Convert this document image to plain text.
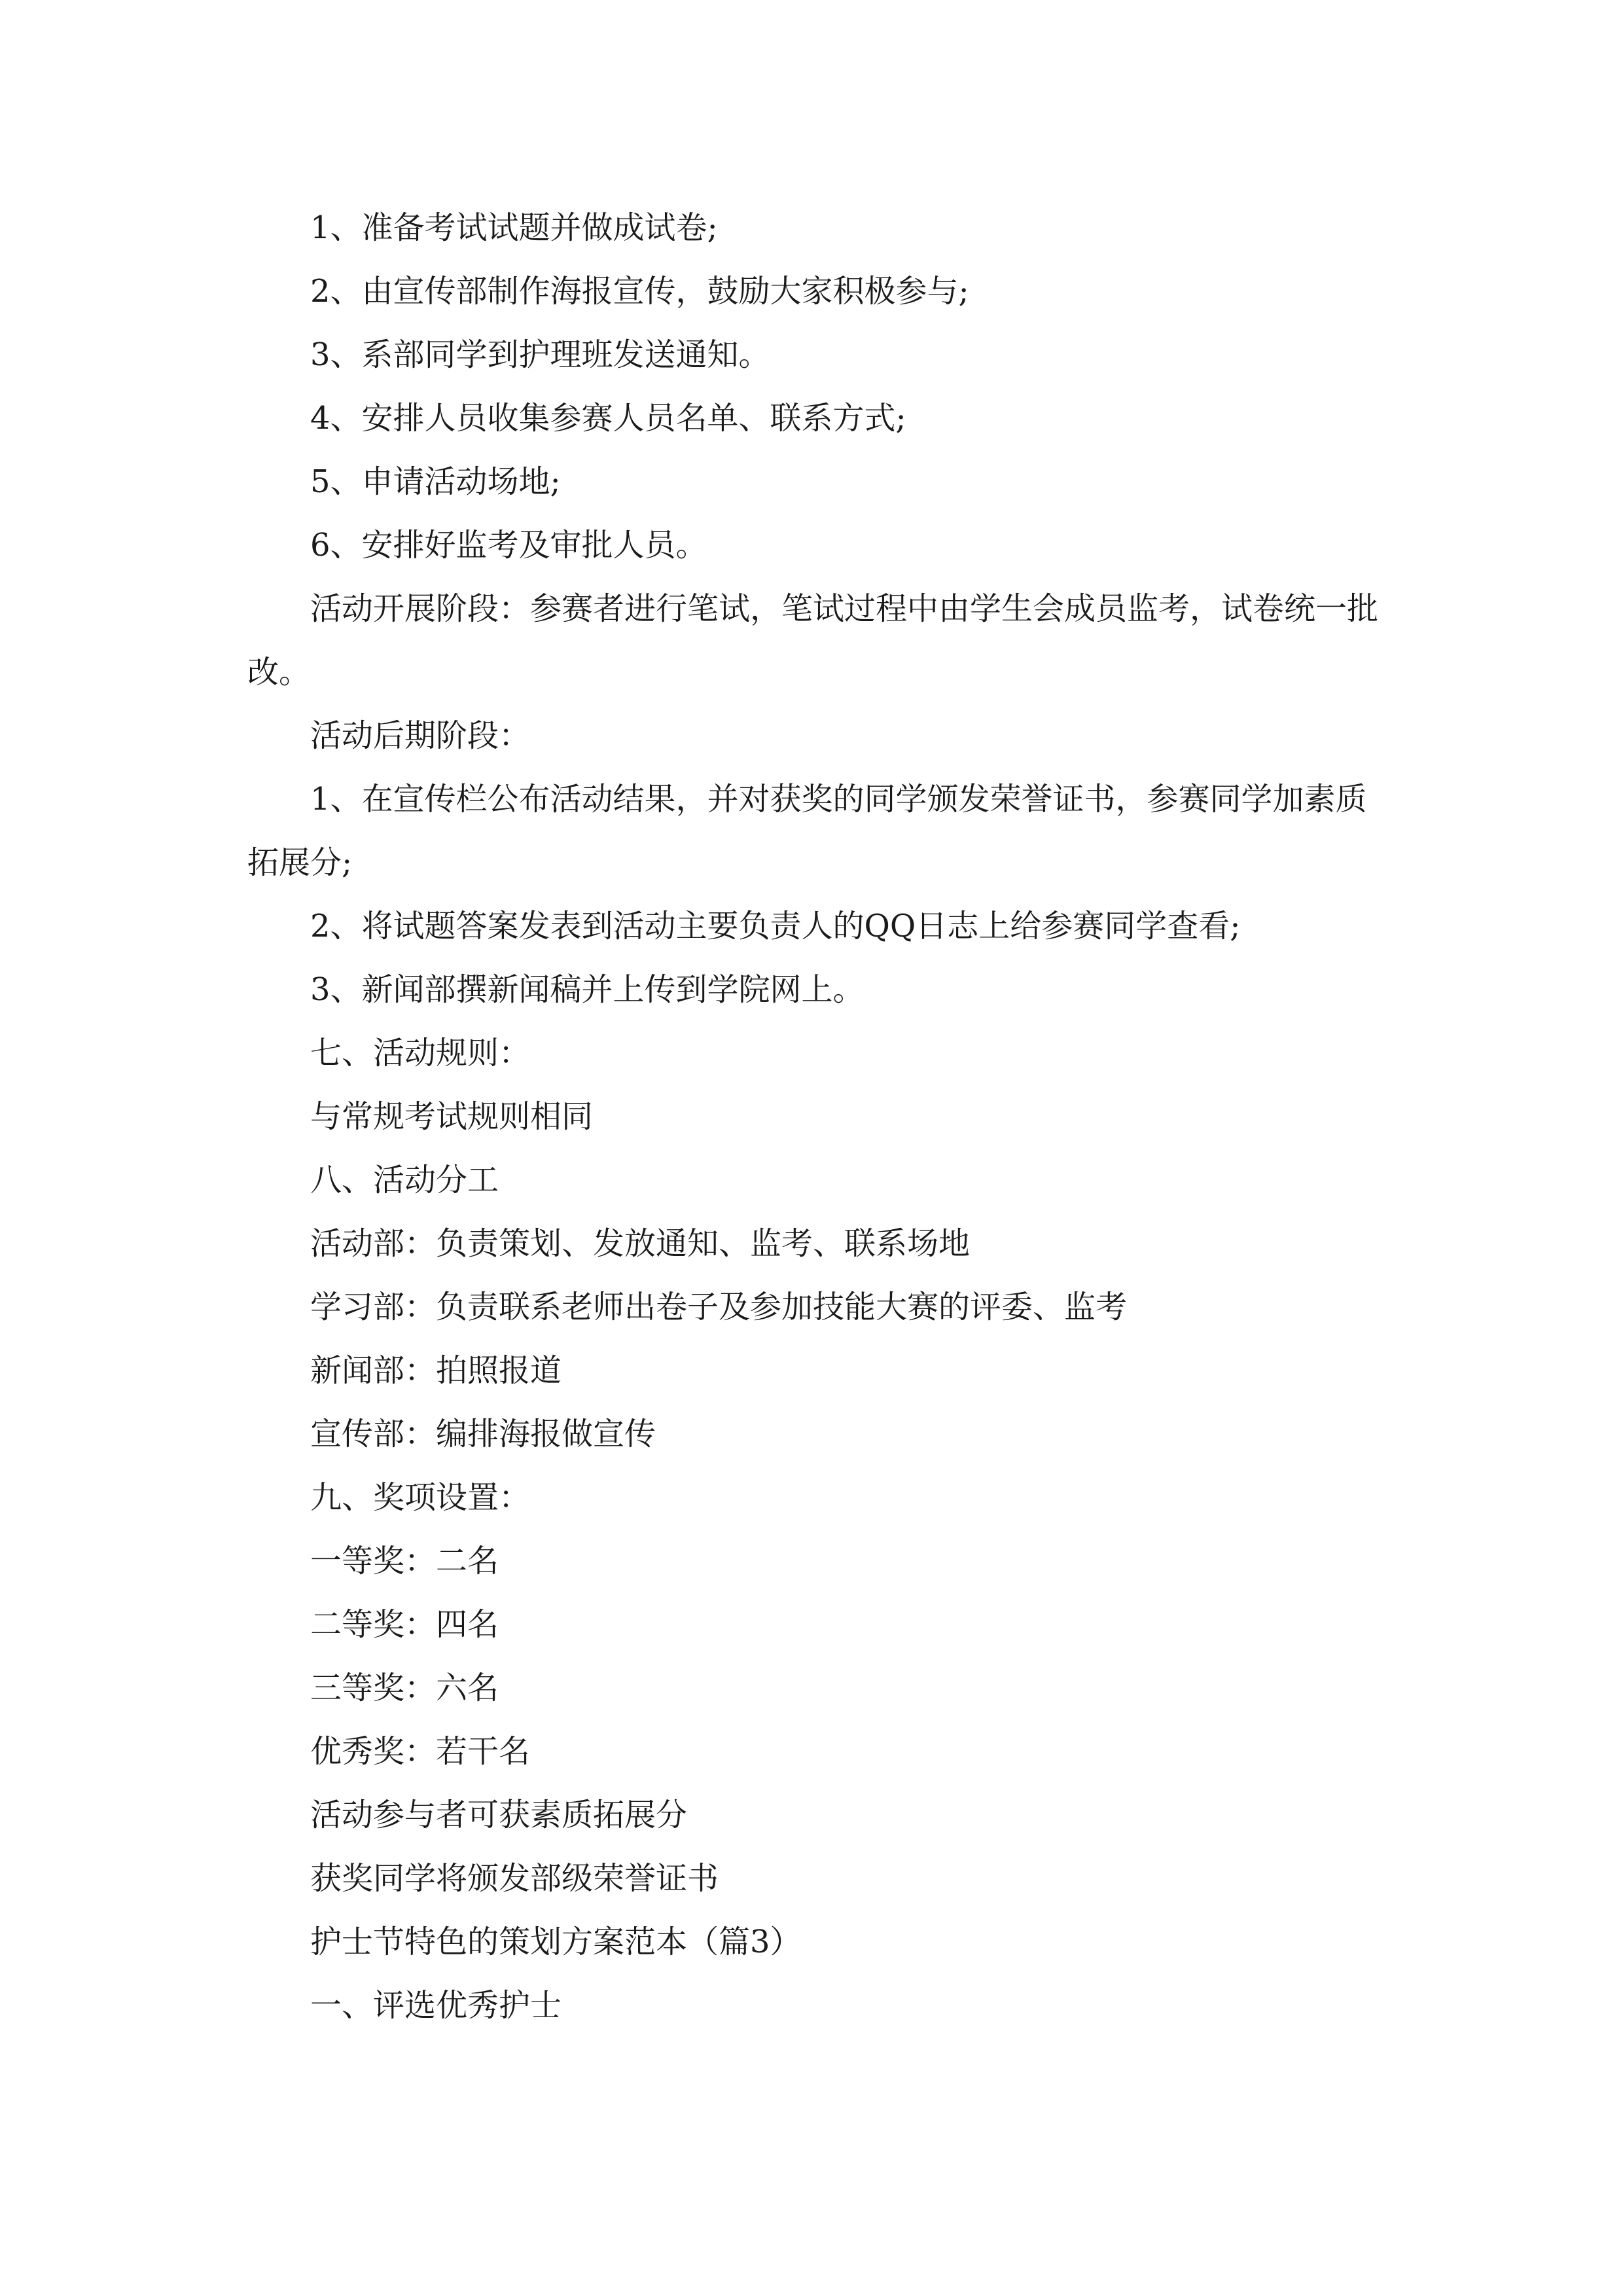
1、准备考试试题并做成试卷;

2、由宣传部制作海报宣传，鼓励大家积极参与;

3、系部同学到护理班发送通知。

4、安排人员收集参赛人员名单、联系方式;

5、申请活动场地;

6、安排好监考及审批人员。

活动开展阶段：参赛者进行笔试，笔试过程中由学生会成员监考，试卷统一批改。

活动后期阶段：

1、在宣传栏公布活动结果，并对获奖的同学颁发荣誉证书，参赛同学加素质拓展分;

2、将试题答案发表到活动主要负责人的QQ日志上给参赛同学查看;

3、新闻部撰新闻稿并上传到学院网上。

七、活动规则：

与常规考试规则相同

八、活动分工

活动部：负责策划、发放通知、监考、联系场地

学习部：负责联系老师出卷子及参加技能大赛的评委、监考

新闻部：拍照报道

宣传部：编排海报做宣传

九、奖项设置：

一等奖：二名

二等奖：四名

三等奖：六名

优秀奖：若干名

活动参与者可获素质拓展分

获奖同学将颁发部级荣誉证书

护士节特色的策划方案范本（篇3）

一、评选优秀护士
